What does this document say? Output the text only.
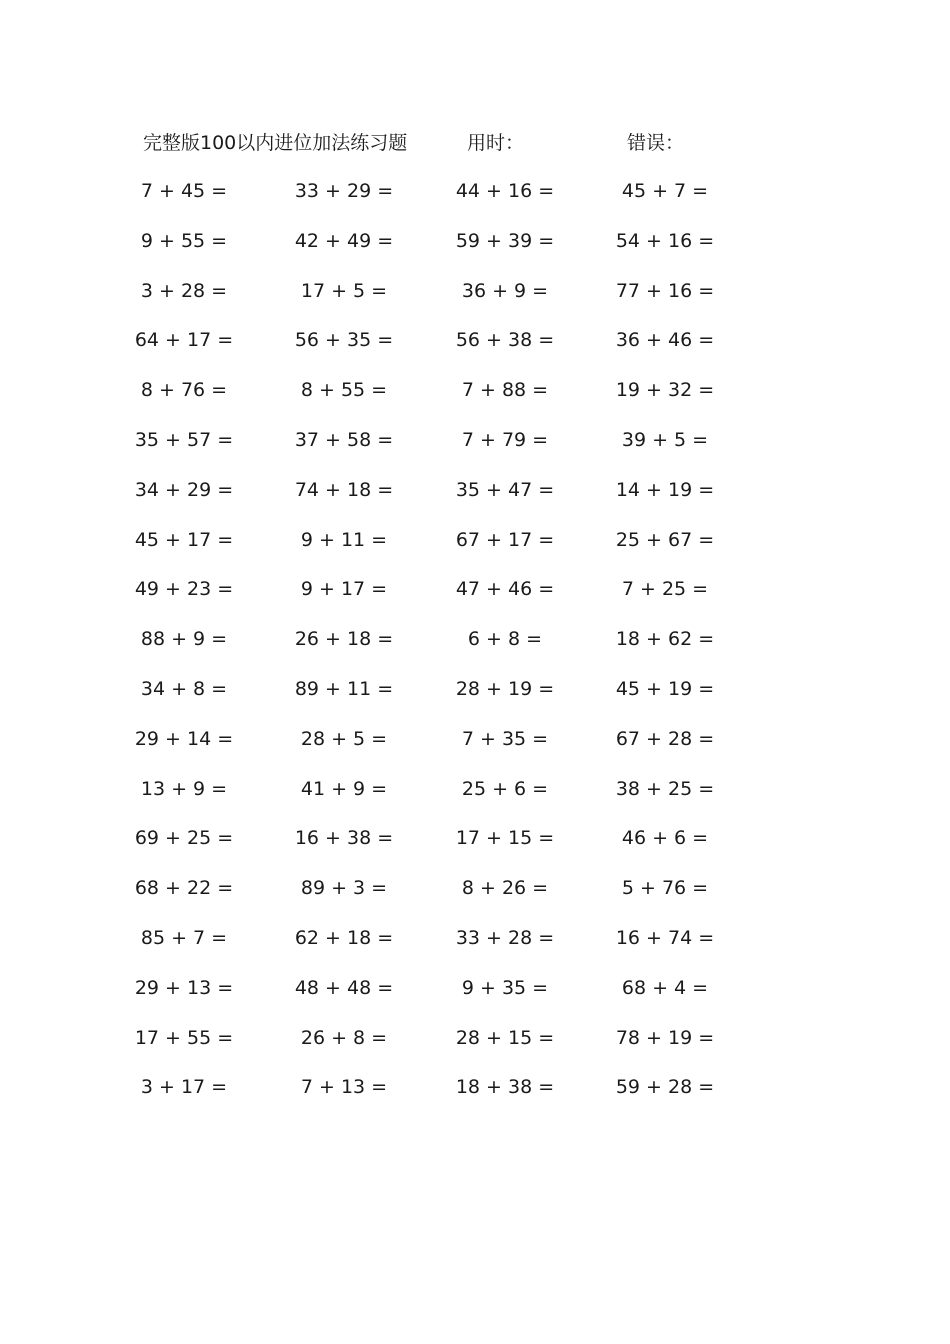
完整版100以内进位加法练习题	用时：	错误：
7 + 45 =	33 + 29 =	44 + 16 =	45 + 7 =
9 + 55 =	42 + 49 =	59 + 39 =	54 + 16 =
3 + 28 =	17 + 5 =	36 + 9 =	77 + 16 =
64 + 17 =	56 + 35 =	56 + 38 =	36 + 46 =
8 + 76 =	8 + 55 =	7 + 88 =	19 + 32 =
35 + 57 =	37 + 58 =	7 + 79 =	39 + 5 =
34 + 29 =	74 + 18 =	35 + 47 =	14 + 19 =
45 + 17 =	9 + 11 =	67 + 17 =	25 + 67 =
49 + 23 =	9 + 17 =	47 + 46 =	7 + 25 =
88 + 9 =	26 + 18 =	6 + 8 =	18 + 62 =
34 + 8 =	89 + 11 =	28 + 19 =	45 + 19 =
29 + 14 =	28 + 5 =	7 + 35 =	67 + 28 =
13 + 9 =	41 + 9 =	25 + 6 =	38 + 25 =
69 + 25 =	16 + 38 =	17 + 15 =	46 + 6 =
68 + 22 =	89 + 3 =	8 + 26 =	5 + 76 =
85 + 7 =	62 + 18 =	33 + 28 =	16 + 74 =
29 + 13 =	48 + 48 =	9 + 35 =	68 + 4 =
17 + 55 =	26 + 8 =	28 + 15 =	78 + 19 =
3 + 17 =	7 + 13 =	18 + 38 =	59 + 28 =
